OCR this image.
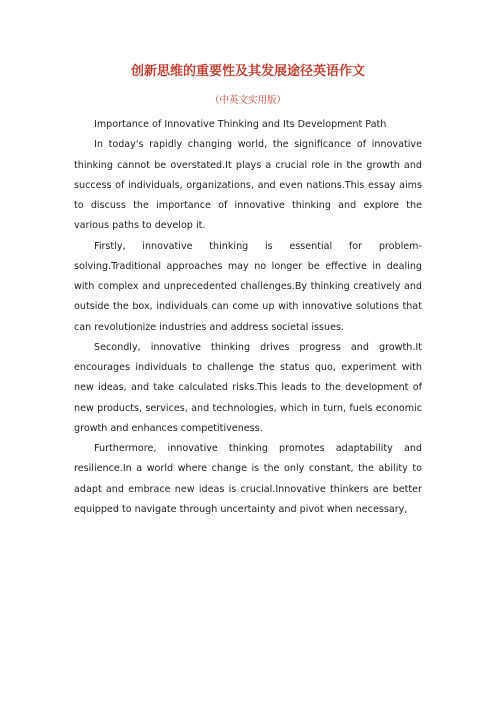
创新思维的重要性及其发展途径英语作文
（中英文实用版）

Importance of Innovative Thinking and Its Development Path

In today's rapidly changing world, the significance of innovative thinking cannot be overstated.It plays a crucial role in the growth and success of individuals, organizations, and even nations.This essay aims to discuss the importance of innovative thinking and explore the various paths to develop it.

Firstly, innovative thinking is essential for problem-solving.Traditional approaches may no longer be effective in dealing with complex and unprecedented challenges.By thinking creatively and outside the box, individuals can come up with innovative solutions that can revolutionize industries and address societal issues.

Secondly, innovative thinking drives progress and growth.It encourages individuals to challenge the status quo, experiment with new ideas, and take calculated risks.This leads to the development of new products, services, and technologies, which in turn, fuels economic growth and enhances competitiveness.

Furthermore, innovative thinking promotes adaptability and resilience.In a world where change is the only constant, the ability to adapt and embrace new ideas is crucial.Innovative thinkers are better equipped to navigate through uncertainty and pivot when necessary,
